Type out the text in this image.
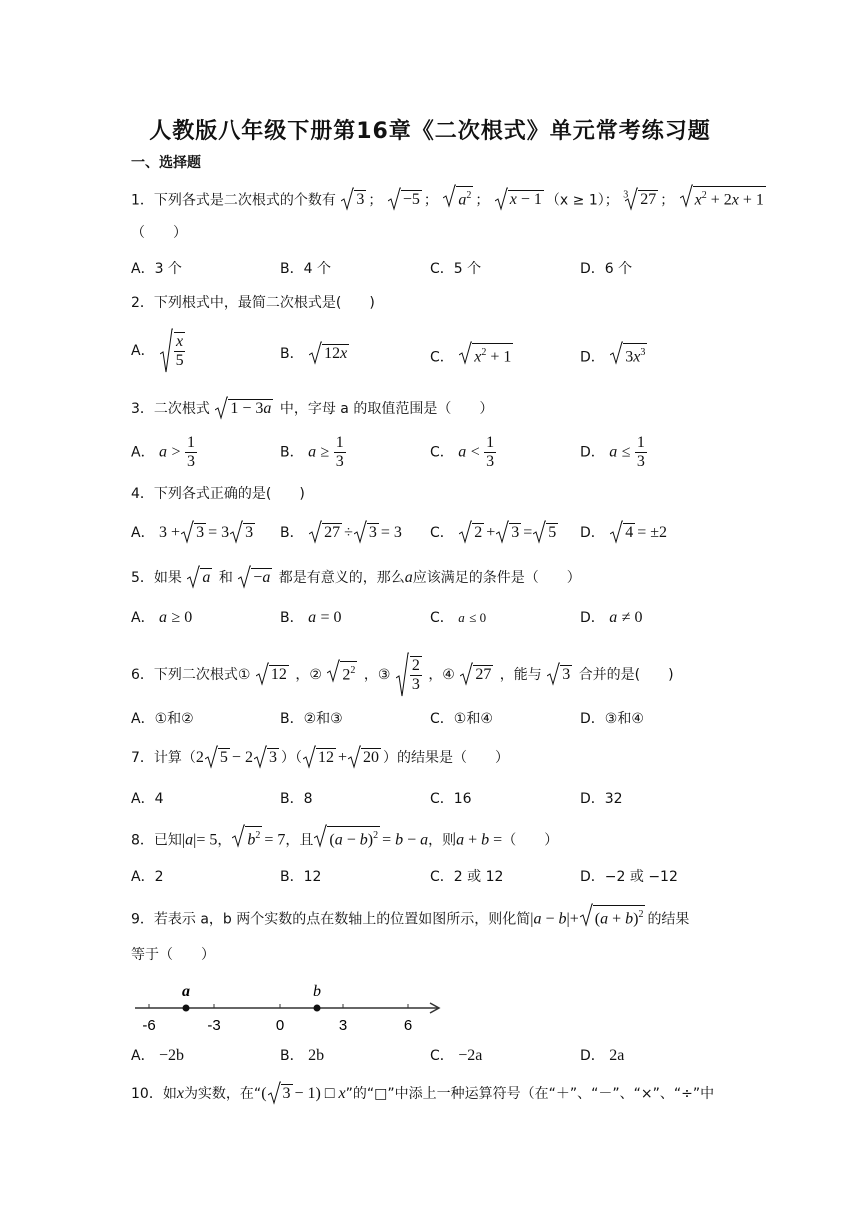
人教版八年级下册第16章《二次根式》单元常考练习题
一、选择题
1．下列各式是二次根式的个数有 3 ；
−5 ；
$a^2$ ；
x − 1 （x ≥ 1）； $^3$ 27 ；
$x^2 + 2x + 1$
（　　）
A．3 个	B．4 个	C．5 个	D．6 个
2．下列根式中，最简二次根式是(　　)
A． $\frac{x}{5}$	B． 12x	C． $x^2 + 1$	D． $3x^3$
3．二次根式 1 − 3a 中，字母 a 的取值范围是（　　）
A． $a > \frac{1}{3}$	B． $a \ge \frac{1}{3}$	C． $a < \frac{1}{3}$	D． $a \le \frac{1}{3}$
4．下列各式正确的是(　　)
A． 3 + 3 = 3 3 B． 27 ÷ 3 = 3 C． 2 + 3 = 5 D． 4 = ±2
5．如果 a 和 −a 都是有意义的，那么a应该满足的条件是（　　）
A． a ≥ 0	B． a = 0	C． a ≤ 0	D． a ≠ 0
6．下列二次根式① 12 ，② $2^2$ ，③ $\frac{2}{3}$ ，④ 27 ，能与 3 合并的是(　　)
A．①和②	B．②和③	C．①和④	D．③和④
7．计算（2 5 − 2 3 ）（ 12 + 20 ）的结果是（　　）
A．4	B．8	C．16	D．32
8．已知|a|= 5， $b^2 = 7$，且 $(a - b)^2 = b - a$，则a + b =（　　）
A．2	B．12	C．2 或 12	D．−2 或 −12
9．若表示 a，b 两个实数的点在数轴上的位置如图所示，则化简$|a - b|+ (a + b)^2$ 的结果
等于（　　）
a	b
-6	-3	0	3	6
A． −2b	B． 2b	C． −2a	D． 2a
10．如x为实数，在“( 3 − 1) □ x”的“□”中添上一种运算符号（在“＋”、“－”、“×”、“÷”中
